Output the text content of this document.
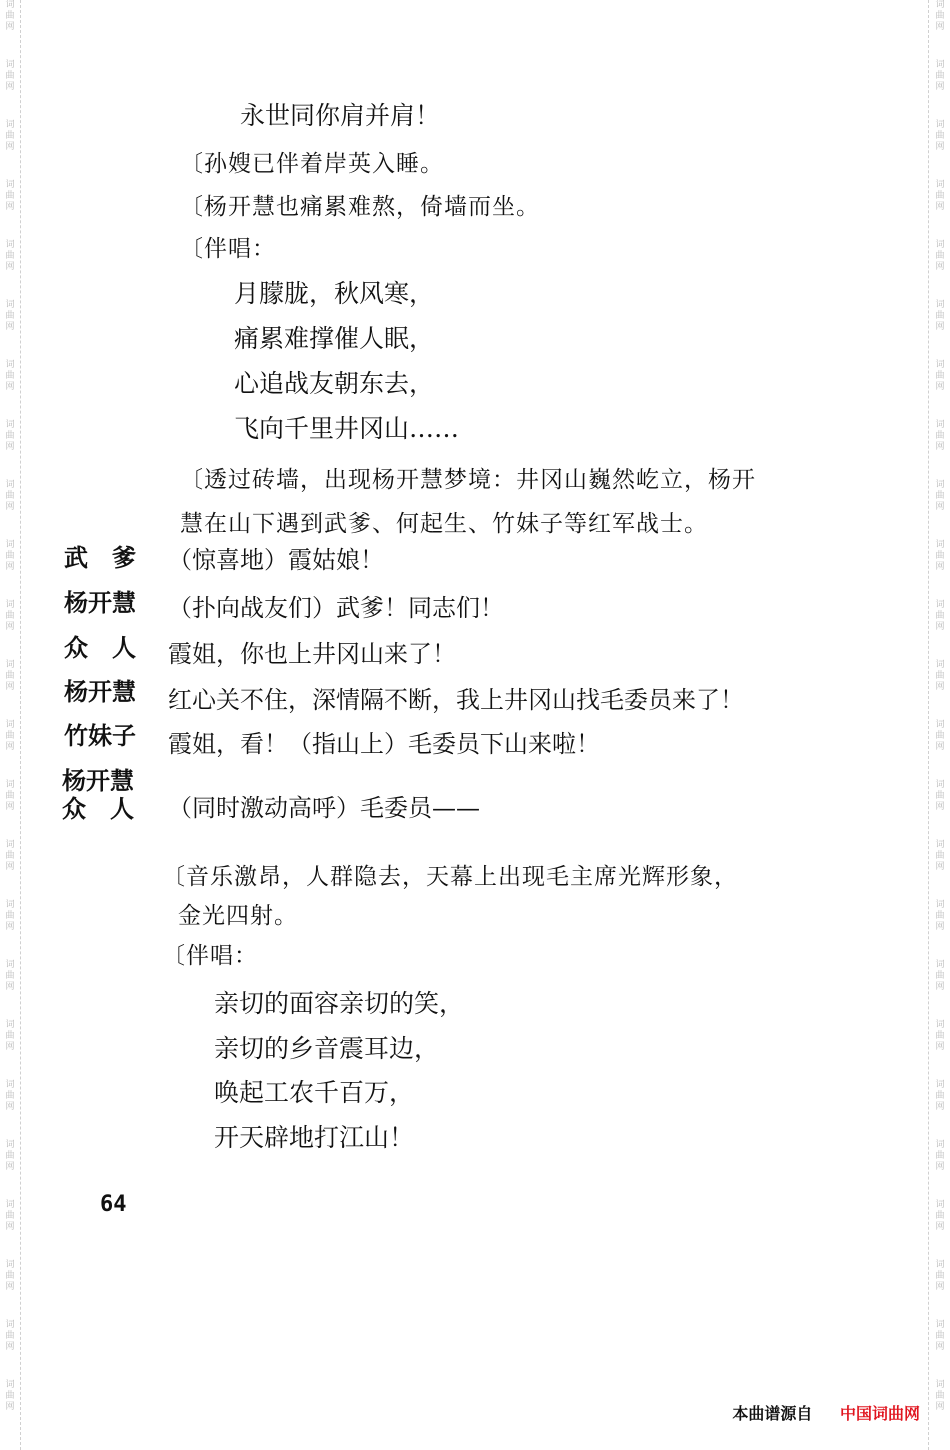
词
曲
网
词
曲
网
词
曲
网
词
曲
网
词
曲
网
词
曲
网
词
曲
网
词
曲
网
词
曲
网
词
曲
网
词
曲
网
词
曲
网
词
曲
网
词
曲
网
词
曲
网
词
曲
网
词
曲
网
词
曲
网
词
曲
网
词
曲
网
词
曲
网
词
曲
网
词
曲
网
词
曲
网
词
曲
网
词
曲
网
词
曲
网
词
曲
网
词
曲
网
词
曲
网
词
曲
网
词
曲
网
词
曲
网
词
曲
网
词
曲
网
词
曲
网
词
曲
网
词
曲
网
词
曲
网
词
曲
网
词
曲
网
词
曲
网
词
曲
网
词
曲
网
词
曲
网
词
曲
网
词
曲
网
词
曲
网
永世同你肩并肩！
〔孙嫂已伴着岸英入睡。
〔杨开慧也痛累难熬，倚墙而坐。
〔伴唱：
月朦胧，秋风寒，
痛累难撑催人眠，
心追战友朝东去，
飞向千里井冈山……
〔透过砖墙，出现杨开慧梦境：井冈山巍然屹立，杨开
慧在山下遇到武爹、何起生、竹妹子等红军战士。
武　爹 （惊喜地）霞姑娘！
杨开慧 （扑向战友们）武爹！同志们！
众　人 霞姐，你也上井冈山来了！
杨开慧 红心关不住，深情隔不断，我上井冈山找毛委员来了！
竹妹子 霞姐，看！（指山上）毛委员下山来啦！
杨开慧
众　人 （同时激动高呼）毛委员——
〔音乐激昂，人群隐去，天幕上出现毛主席光辉形象，
金光四射。
〔伴唱：
亲切的面容亲切的笑，
亲切的乡音震耳边，
唤起工农千百万，
开天辟地打江山！
64
本曲谱源自 中国词曲网
